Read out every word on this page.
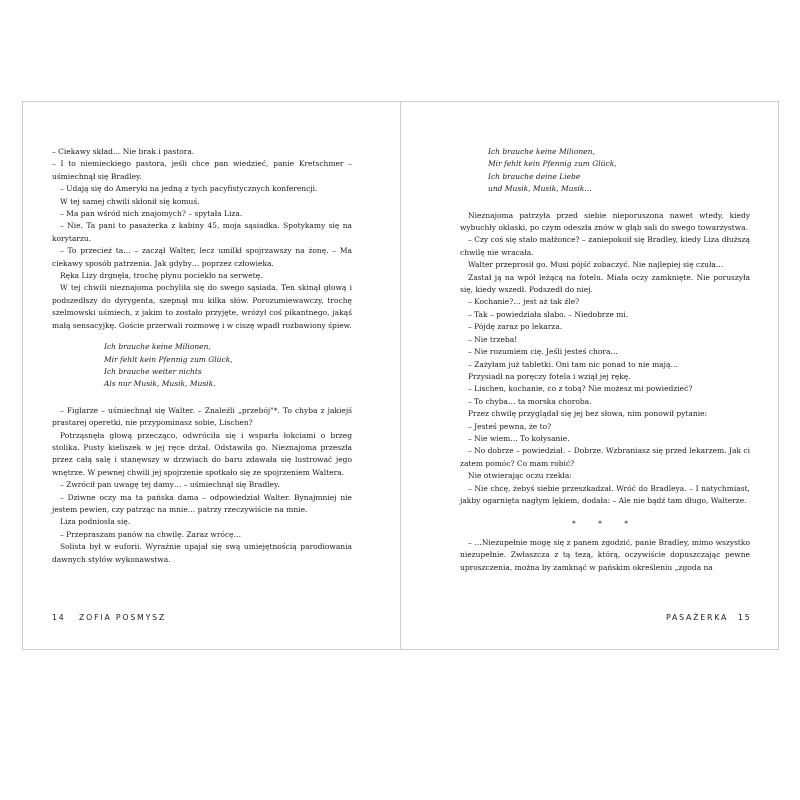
– Ciekawy skład… Nie brak i pastora.

– I to niemieckiego pastora, jeśli chce pan wiedzieć, panie Kretschmer – uśmiechnął się Bradley.

– Udają się do Ameryki na jedną z tych pacyfistycznych konferencji.

W tej samej chwili skłonił się komuś.

– Ma pan wśród nich znajomych? – spytała Liza.

– Nie. Ta pani to pasażerka z kabiny 45, moja sąsiadka. Spotykamy się na korytarzu.

– To przecież ta… – zaczął Walter, lecz umilkł spojrzawszy na żonę. – Ma ciekawy sposób patrzenia. Jak gdyby… poprzez człowieka.

Ręka Lizy drgnęła, trochę płynu pociekło na serwetę.

W tej chwili nieznajoma pochyliła się do swego sąsiada. Ten skinął głową i podszedłszy do dyrygenta, szepnął mu kilka słów. Porozumiewawczy, trochę szelmowski uśmiech, z jakim to zostało przyjęte, wróżył coś pikantnego, jakąś małą sensacyjkę. Goście przerwali rozmowę i w ciszę wpadł rozbawiony śpiew.

Ich brauche keine Milionen,
Mir fehlt kein Pfennig zum Glück,
Ich brauche weiter nichts
Als nur Musik, Musik, Musik.

– Figlarze – uśmiechnął się Walter. – Znaleźli „przebój"*. To chyba z jakiejś prastarej operetki, nie przypominasz sobie, Lischen?

Potrząsnęła głową przecząco, odwróciła się i wsparła łokciami o brzeg stolika. Pusty kieliszek w jej ręce drżał. Odstawiła go. Nieznajoma przeszła przez całą salę i stanęwszy w drzwiach do baru zdawała się lustrować jego wnętrze. W pewnej chwili jej spojrzenie spotkało się ze spojrzeniem Waltera.

– Zwrócił pan uwagę tej damy… – uśmiechnął się Bradley.

– Dziwne oczy ma ta pańska dama – odpowiedział Walter. Bynajmniej nie jestem pewien, czy patrząc na mnie… patrzy rzeczywiście na mnie.

Liza podniosła się.

– Przepraszam panów na chwilę. Zaraz wrócę…

Solista był w euforii. Wyraźnie upajał się swą umiejętnością parodiowania dawnych stylów wykonawstwa.

14 ZOFIA POSMYSZ
Ich brauche keine Milionen,
Mir fehlt kein Pfennig zum Glück,
Ich brauche deine Liebe
und Musik, Musik, Musik…

Nieznajoma patrzyła przed siebie nieporuszona nawet wtedy, kiedy wybuchły oklaski, po czym odeszła znów w głąb sali do swego towarzystwa.

– Czy coś się stało małżonce? – zaniepokoił się Bradley, kiedy Liza dłuższą chwilę nie wracała.

Walter przeprosił go. Musi pójść zobaczyć. Nie najlepiej się czuła…

Zastał ją na wpół leżącą na fotelu. Miała oczy zamknięte. Nie poruszyła się, kiedy wszedł. Podszedł do niej.

– Kochanie?… jest aż tak źle?

– Tak – powiedziała słabo. – Niedobrze mi.

– Pójdę zaraz po lekarza.

– Nie trzeba!

– Nie rozumiem cię. Jeśli jesteś chora…

– Zażyłam już tabletki. Oni tam nic ponad to nie mają…

Przysiadł na poręczy fotela i wziął jej rękę.

– Lischen, kochanie, co z tobą? Nie możesz mi powiedzieć?

– To chyba… ta morska choroba.

Przez chwilę przyglądał się jej bez słowa, nim ponowił pytanie:

– Jesteś pewna, że to?

– Nie wiem… To kołysanie.

– No dobrze – powiedział. – Dobrze. Wzbraniasz się przed lekarzem. Jak ci zatem pomóc? Co mam robić?

Nie otwierając oczu rzekła:

– Nie chcę, żebyś siebie przeszkadzał. Wróć do Bradleya. – I natychmiast, jakby ogarnięta nagłym lękiem, dodała: – Ale nie bądź tam długo, Walterze.

* * *

– …Niezupełnie mogę się z panem zgodzić, panie Bradley, mimo wszystko niezupełnie. Zwłaszcza z tą tezą, którą, oczywiście dopuszczając pewne uproszczenia, można by zamknąć w pańskim określeniu „zgoda na

PASAŻERKA 15
